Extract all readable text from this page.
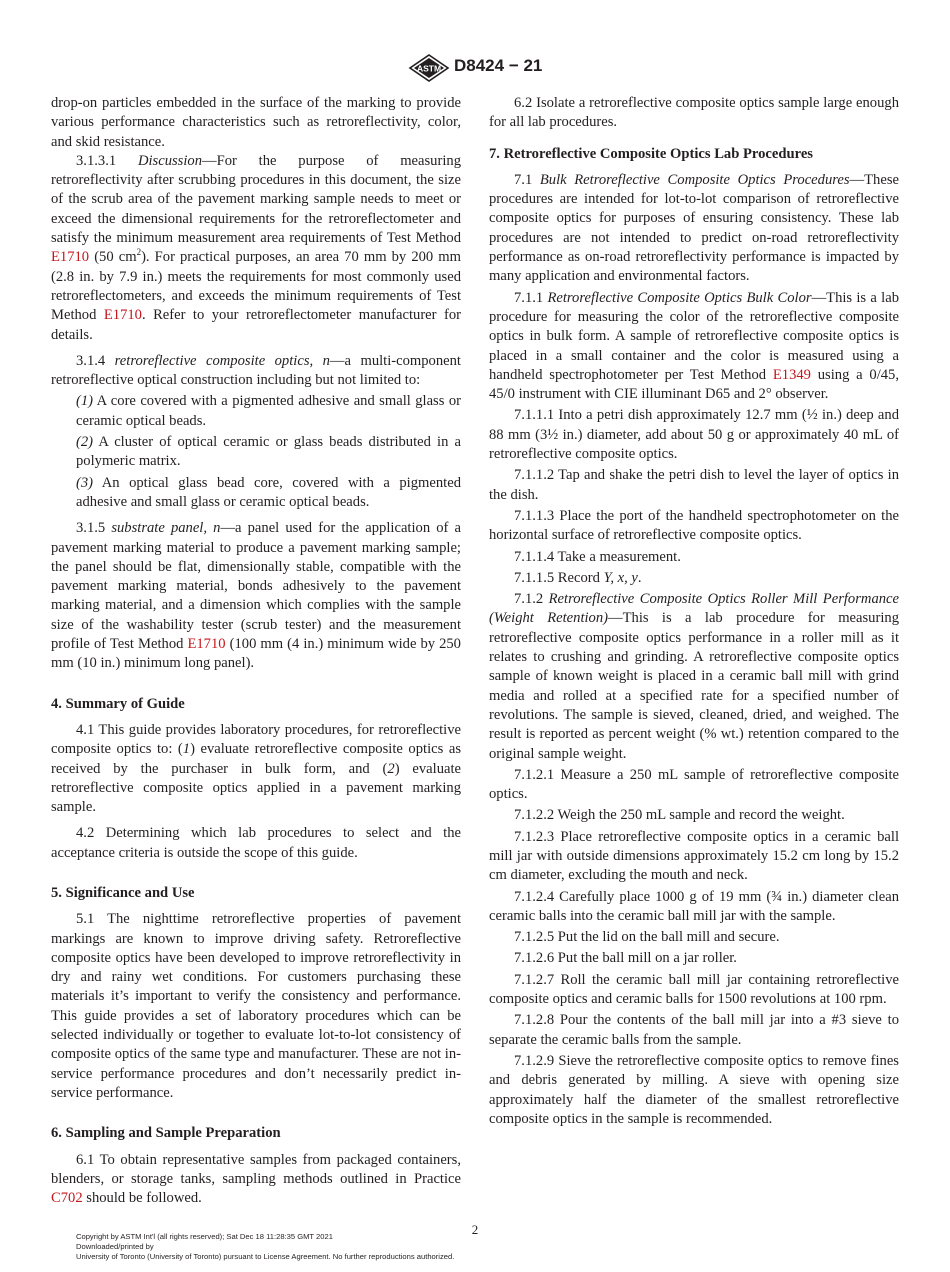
ASTM D8424 − 21

drop-on particles embedded in the surface of the marking to provide various performance characteristics such as retroreflectivity, color, and skid resistance.

3.1.3.1 Discussion—For the purpose of measuring retroreflectivity after scrubbing procedures in this document, the size of the scrub area of the pavement marking sample needs to meet or exceed the dimensional requirements for the retroreflectometer and satisfy the minimum measurement area requirements of Test Method E1710 (50 $cm^2$). For practical purposes, an area 70 mm by 200 mm (2.8 in. by 7.9 in.) meets the requirements for most commonly used retroreflectometers, and exceeds the minimum requirements of Test Method E1710. Refer to your retroreflectometer manufacturer for details.

3.1.4 retroreflective composite optics, n—a multi-component retroreflective optical construction including but not limited to:

(1) A core covered with a pigmented adhesive and small glass or ceramic optical beads.

(2) A cluster of optical ceramic or glass beads distributed in a polymeric matrix.

(3) An optical glass bead core, covered with a pigmented adhesive and small glass or ceramic optical beads.

3.1.5 substrate panel, n—a panel used for the application of a pavement marking material to produce a pavement marking sample; the panel should be flat, dimensionally stable, compatible with the pavement marking material, bonds adhesively to the pavement marking material, and a dimension which complies with the sample size of the washability tester (scrub tester) and the measurement profile of Test Method E1710 (100 mm (4 in.) minimum wide by 250 mm (10 in.) minimum long panel).

4. Summary of Guide

4.1 This guide provides laboratory procedures, for retroreflective composite optics to: (1) evaluate retroreflective composite optics as received by the purchaser in bulk form, and (2) evaluate retroreflective composite optics applied in a pavement marking sample.

4.2 Determining which lab procedures to select and the acceptance criteria is outside the scope of this guide.

5. Significance and Use

5.1 The nighttime retroreflective properties of pavement markings are known to improve driving safety. Retroreflective composite optics have been developed to improve retroreflectivity in dry and rainy wet conditions. For customers purchasing these materials it’s important to verify the consistency and performance. This guide provides a set of laboratory procedures which can be selected individually or together to evaluate lot-to-lot consistency of composite optics of the same type and manufacturer. These are not in-service performance procedures and don’t necessarily predict in-service performance.

6. Sampling and Sample Preparation

6.1 To obtain representative samples from packaged containers, blenders, or storage tanks, sampling methods outlined in Practice C702 should be followed.

6.2 Isolate a retroreflective composite optics sample large enough for all lab procedures.

7. Retroreflective Composite Optics Lab Procedures

7.1 Bulk Retroreflective Composite Optics Procedures—These procedures are intended for lot-to-lot comparison of retroreflective composite optics for purposes of ensuring consistency. These lab procedures are not intended to predict on-road retroreflectivity performance as on-road retroreflectivity performance is impacted by many application and environmental factors.

7.1.1 Retroreflective Composite Optics Bulk Color—This is a lab procedure for measuring the color of the retroreflective composite optics in bulk form. A sample of retroreflective composite optics is placed in a small container and the color is measured using a handheld spectrophotometer per Test Method E1349 using a 0/45, 45/0 instrument with CIE illuminant D65 and 2° observer.

7.1.1.1 Into a petri dish approximately 12.7 mm (½ in.) deep and 88 mm (3½ in.) diameter, add about 50 g or approximately 40 mL of retroreflective composite optics.

7.1.1.2 Tap and shake the petri dish to level the layer of optics in the dish.

7.1.1.3 Place the port of the handheld spectrophotometer on the horizontal surface of retroreflective composite optics.

7.1.1.4 Take a measurement.

7.1.1.5 Record Y, x, y.

7.1.2 Retroreflective Composite Optics Roller Mill Performance (Weight Retention)—This is a lab procedure for measuring retroreflective composite optics performance in a roller mill as it relates to crushing and grinding. A retroreflective composite optics sample of known weight is placed in a ceramic ball mill with grind media and rolled at a specified rate for a specified number of revolutions. The sample is sieved, cleaned, dried, and weighed. The result is reported as percent weight (% wt.) retention compared to the original sample weight.

7.1.2.1 Measure a 250 mL sample of retroreflective composite optics.

7.1.2.2 Weigh the 250 mL sample and record the weight.

7.1.2.3 Place retroreflective composite optics in a ceramic ball mill jar with outside dimensions approximately 15.2 cm long by 15.2 cm diameter, excluding the mouth and neck.

7.1.2.4 Carefully place 1000 g of 19 mm (¾ in.) diameter clean ceramic balls into the ceramic ball mill jar with the sample.

7.1.2.5 Put the lid on the ball mill and secure.

7.1.2.6 Put the ball mill on a jar roller.

7.1.2.7 Roll the ceramic ball mill jar containing retroreflective composite optics and ceramic balls for 1500 revolutions at 100 rpm.

7.1.2.8 Pour the contents of the ball mill jar into a #3 sieve to separate the ceramic balls from the sample.

7.1.2.9 Sieve the retroreflective composite optics to remove fines and debris generated by milling. A sieve with opening size approximately half the diameter of the smallest retroreflective composite optics in the sample is recommended.

2
Copyright by ASTM Int'l (all rights reserved); Sat Dec 18 11:28:35 GMT 2021
Downloaded/printed by
University of Toronto (University of Toronto) pursuant to License Agreement. No further reproductions authorized.
